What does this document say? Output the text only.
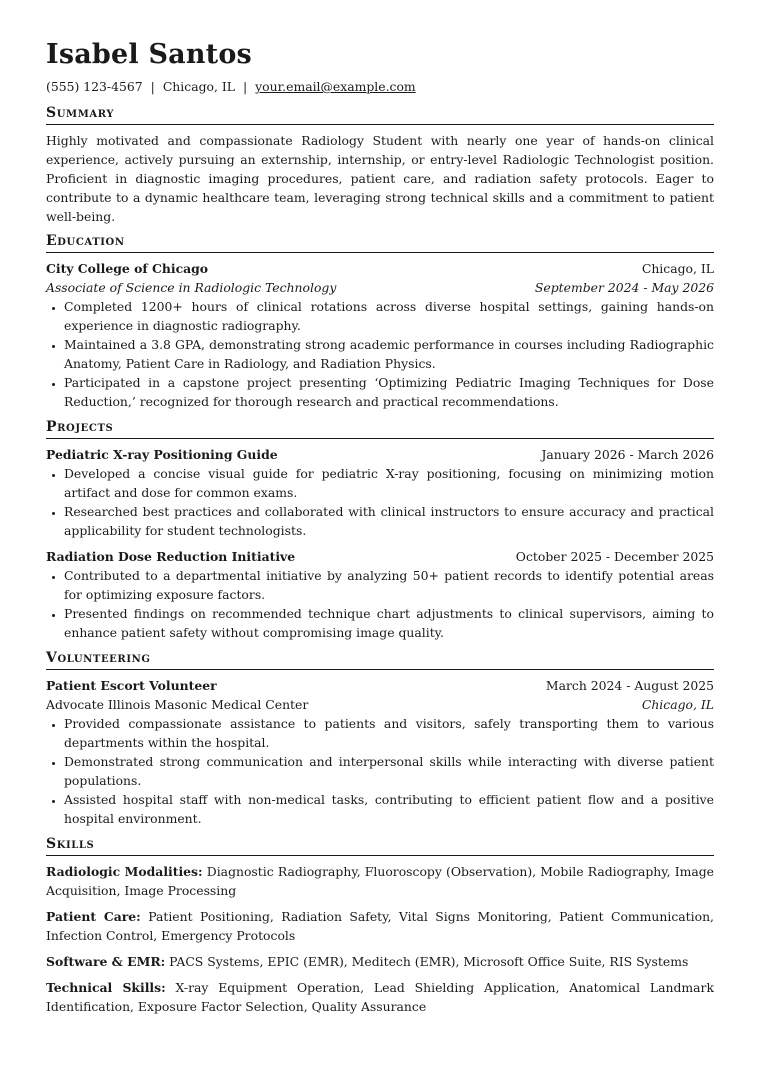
Isabel Santos
(555) 123-4567 | Chicago, IL | your.email@example.com
Summary

Highly motivated and compassionate Radiology Student with nearly one year of hands-on clinical experience, actively pursuing an externship, internship, or entry-level Radiologic Technologist position. Proficient in diagnostic imaging procedures, patient care, and radiation safety protocols. Eager to contribute to a dynamic healthcare team, leveraging strong technical skills and a commitment to patient well-being.

Education
City College of Chicago	Chicago, IL
Associate of Science in Radiologic Technology	September 2024 - May 2026
• Completed 1200+ hours of clinical rotations across diverse hospital settings, gaining hands-on experience in diagnostic radiography.
• Maintained a 3.8 GPA, demonstrating strong academic performance in courses including Radiographic Anatomy, Patient Care in Radiology, and Radiation Physics.
• Participated in a capstone project presenting ‘Optimizing Pediatric Imaging Techniques for Dose Reduction,’ recognized for thorough research and practical recommendations.
Projects
Pediatric X-ray Positioning Guide	January 2026 - March 2026
• Developed a concise visual guide for pediatric X-ray positioning, focusing on minimizing motion artifact and dose for common exams.
• Researched best practices and collaborated with clinical instructors to ensure accuracy and practical applicability for student technologists.
Radiation Dose Reduction Initiative	October 2025 - December 2025
• Contributed to a departmental initiative by analyzing 50+ patient records to identify potential areas for optimizing exposure factors.
• Presented findings on recommended technique chart adjustments to clinical supervisors, aiming to enhance patient safety without compromising image quality.
Volunteering
Patient Escort Volunteer	March 2024 - August 2025
Advocate Illinois Masonic Medical Center	Chicago, IL
• Provided compassionate assistance to patients and visitors, safely transporting them to various departments within the hospital.
• Demonstrated strong communication and interpersonal skills while interacting with diverse patient populations.
• Assisted hospital staff with non-medical tasks, contributing to efficient patient flow and a positive hospital environment.
Skills

Radiologic Modalities: Diagnostic Radiography, Fluoroscopy (Observation), Mobile Radiography, Image Acquisition, Image Processing

Patient Care: Patient Positioning, Radiation Safety, Vital Signs Monitoring, Patient Communication, Infection Control, Emergency Protocols

Software & EMR: PACS Systems, EPIC (EMR), Meditech (EMR), Microsoft Office Suite, RIS Systems

Technical Skills: X-ray Equipment Operation, Lead Shielding Application, Anatomical Landmark Identification, Exposure Factor Selection, Quality Assurance
